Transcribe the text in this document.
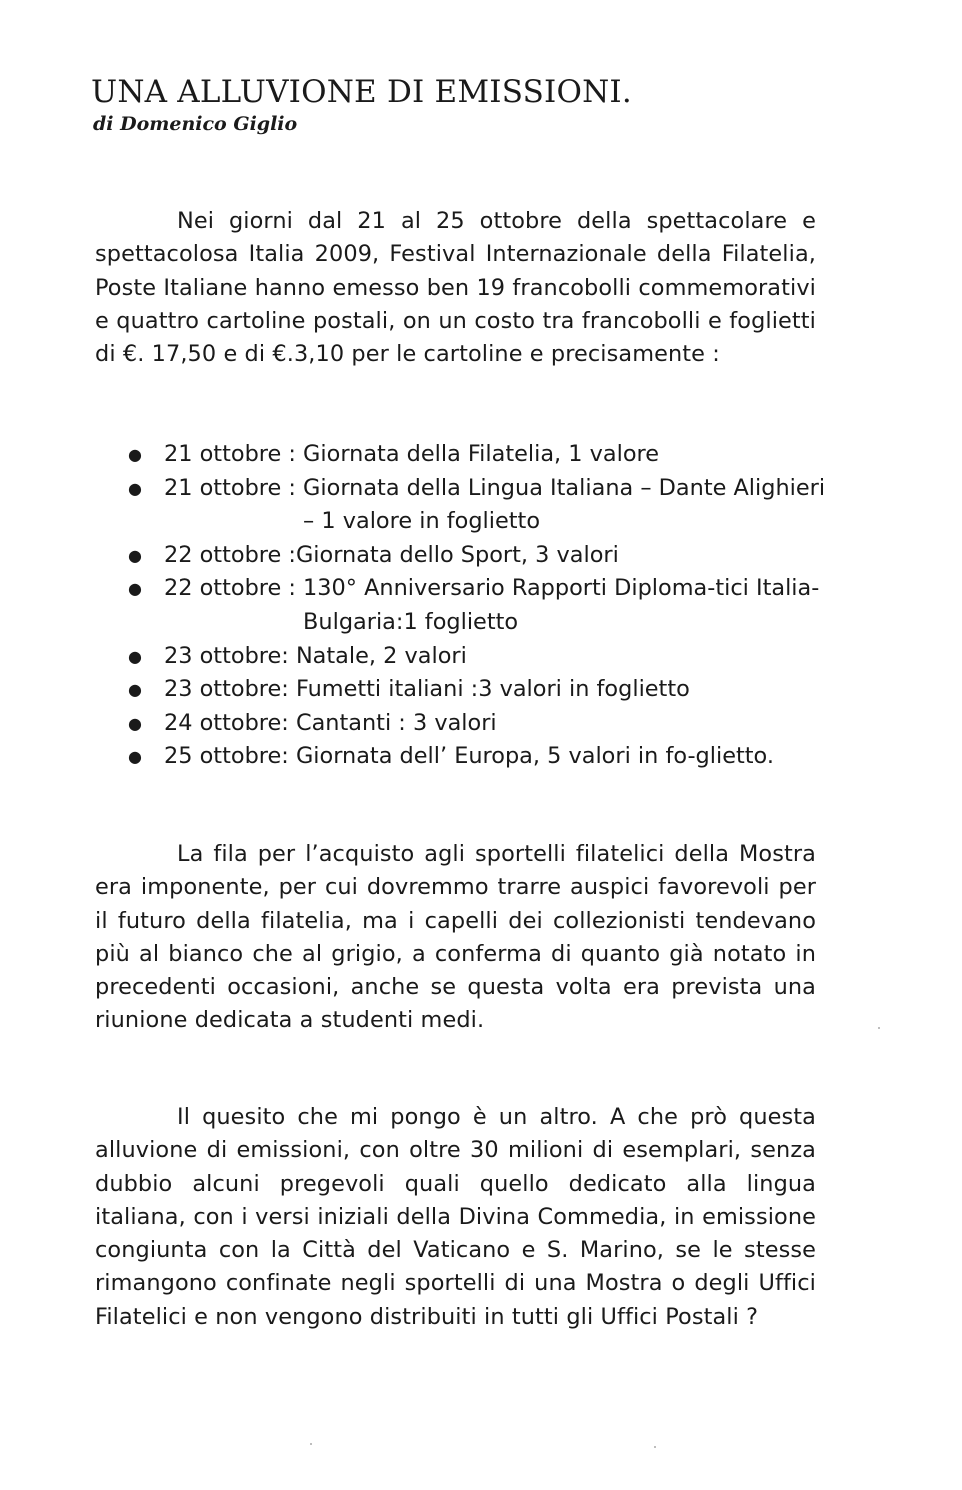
UNA ALLUVIONE DI EMISSIONI.
di Domenico Giglio

Nei giorni dal 21 al 25 ottobre della spettacolare e spettacolosa Italia 2009, Festival Internazionale della Filatelia, Poste Italiane hanno emesso ben 19 francobolli commemorativi e quattro cartoline postali, on un costo tra francobolli e foglietti di €. 17,50 e di €.3,10 per le cartoline e precisamente :

● 21 ottobre : Giornata della Filatelia, 1 valore
● 21 ottobre : Giornata della Lingua Italiana – Dante Alighieri – 1 valore in foglietto
● 22 ottobre : Giornata dello Sport, 3 valori
● 22 ottobre : 130° Anniversario Rapporti Diploma-tici Italia-Bulgaria:1 foglietto
● 23 ottobre: Natale, 2 valori
● 23 ottobre: Fumetti italiani :3 valori in foglietto
● 24 ottobre: Cantanti : 3 valori
● 25 ottobre: Giornata dell’ Europa, 5 valori in fo-glietto.

La fila per l’acquisto agli sportelli filatelici della Mostra era imponente, per cui dovremmo trarre auspici favorevoli per il futuro della filatelia, ma i capelli dei collezionisti tendevano più al bianco che al grigio, a conferma di quanto già notato in precedenti occasioni, anche se questa volta era prevista una riunione dedicata a studenti medi.

Il quesito che mi pongo è un altro. A che prò questa alluvione di emissioni, con oltre 30 milioni di esemplari, senza dubbio alcuni pregevoli quali quello dedicato alla lingua italiana, con i versi iniziali della Divina Commedia, in emissione congiunta con la Città del Vaticano e S. Marino, se le stesse rimangono confinate negli sportelli di una Mostra o degli Uffici Filatelici e non vengono distribuiti in tutti gli Uffici Postali ?
